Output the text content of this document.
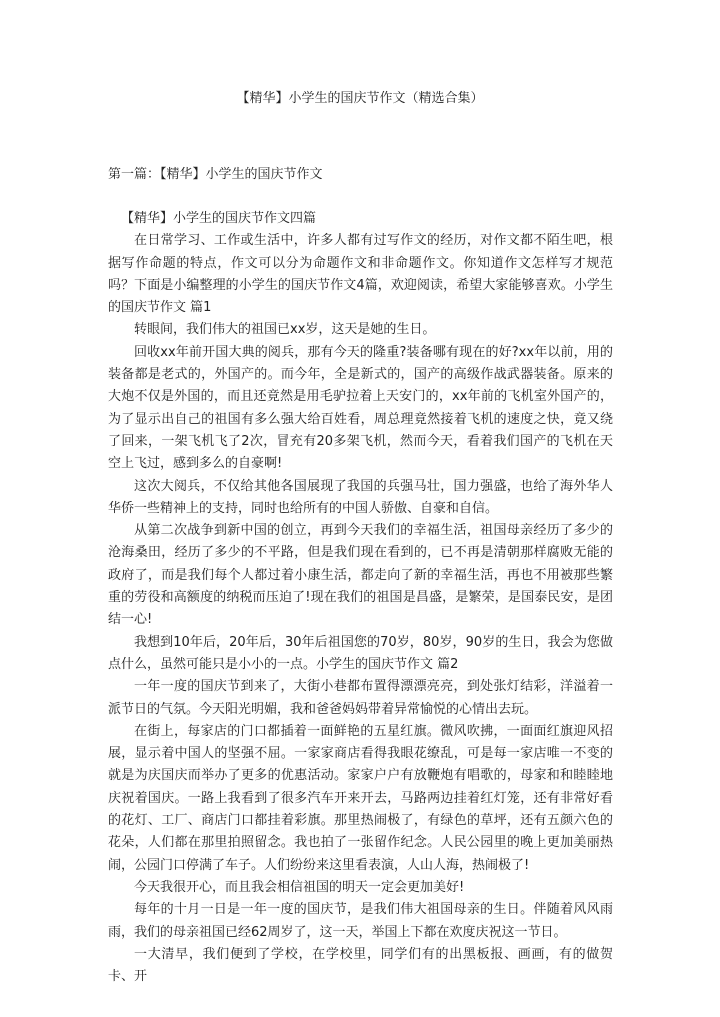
【精华】小学生的国庆节作文（精选合集）
第一篇：【精华】小学生的国庆节作文

【精华】小学生的国庆节作文四篇

在日常学习、工作或生活中，许多人都有过写作文的经历，对作文都不陌生吧，根据写作命题的特点，作文可以分为命题作文和非命题作文。你知道作文怎样写才规范吗？下面是小编整理的小学生的国庆节作文4篇，欢迎阅读，希望大家能够喜欢。小学生的国庆节作文 篇1

转眼间，我们伟大的祖国已xx岁，这天是她的生日。

回收xx年前开国大典的阅兵，那有今天的隆重?装备哪有现在的好?xx年以前，用的装备都是老式的，外国产的。而今年，全是新式的，国产的高级作战武器装备。原来的大炮不仅是外国的，而且还竟然是用毛驴拉着上天安门的，xx年前的飞机室外国产的，为了显示出自己的祖国有多么强大给百姓看，周总理竟然接着飞机的速度之快，竟又绕了回来，一架飞机飞了2次，冒充有20多架飞机，然而今天，看着我们国产的飞机在天空上飞过，感到多么的自豪啊!

这次大阅兵，不仅给其他各国展现了我国的兵强马壮，国力强盛，也给了海外华人华侨一些精神上的支持，同时也给所有的中国人骄傲、自豪和自信。

从第二次战争到新中国的创立，再到今天我们的幸福生活，祖国母亲经历了多少的沧海桑田，经历了多少的不平路，但是我们现在看到的，已不再是清朝那样腐败无能的政府了，而是我们每个人都过着小康生活，都走向了新的幸福生活，再也不用被那些繁重的劳役和高额度的纳税而压迫了!现在我们的祖国是昌盛，是繁荣，是国泰民安，是团结一心!

我想到10年后，20年后，30年后祖国您的70岁，80岁，90岁的生日，我会为您做点什么，虽然可能只是小小的一点。小学生的国庆节作文 篇2

一年一度的国庆节到来了，大街小巷都布置得漂漂亮亮，到处张灯结彩，洋溢着一派节日的气氛。今天阳光明媚，我和爸爸妈妈带着异常愉悦的心情出去玩。

在街上，每家店的门口都插着一面鲜艳的五星红旗。微风吹拂，一面面红旗迎风招展，显示着中国人的坚强不屈。一家家商店看得我眼花缭乱，可是每一家店唯一不变的就是为庆国庆而举办了更多的优惠活动。家家户户有放鞭炮有唱歌的，母家和和睦睦地庆祝着国庆。一路上我看到了很多汽车开来开去，马路两边挂着红灯笼，还有非常好看的花灯、工厂、商店门口都挂着彩旗。那里热闹极了，有绿色的草坪，还有五颜六色的花朵，人们都在那里拍照留念。我也拍了一张留作纪念。人民公园里的晚上更加美丽热闹，公园门口停满了车子。人们纷纷来这里看表演，人山人海，热闹极了!

今天我很开心，而且我会相信祖国的明天一定会更加美好!

每年的十月一日是一年一度的国庆节，是我们伟大祖国母亲的生日。伴随着风风雨雨，我们的母亲祖国已经62周岁了，这一天，举国上下都在欢度庆祝这一节日。

一大清早，我们便到了学校，在学校里，同学们有的出黑板报、画画，有的做贺卡、开
